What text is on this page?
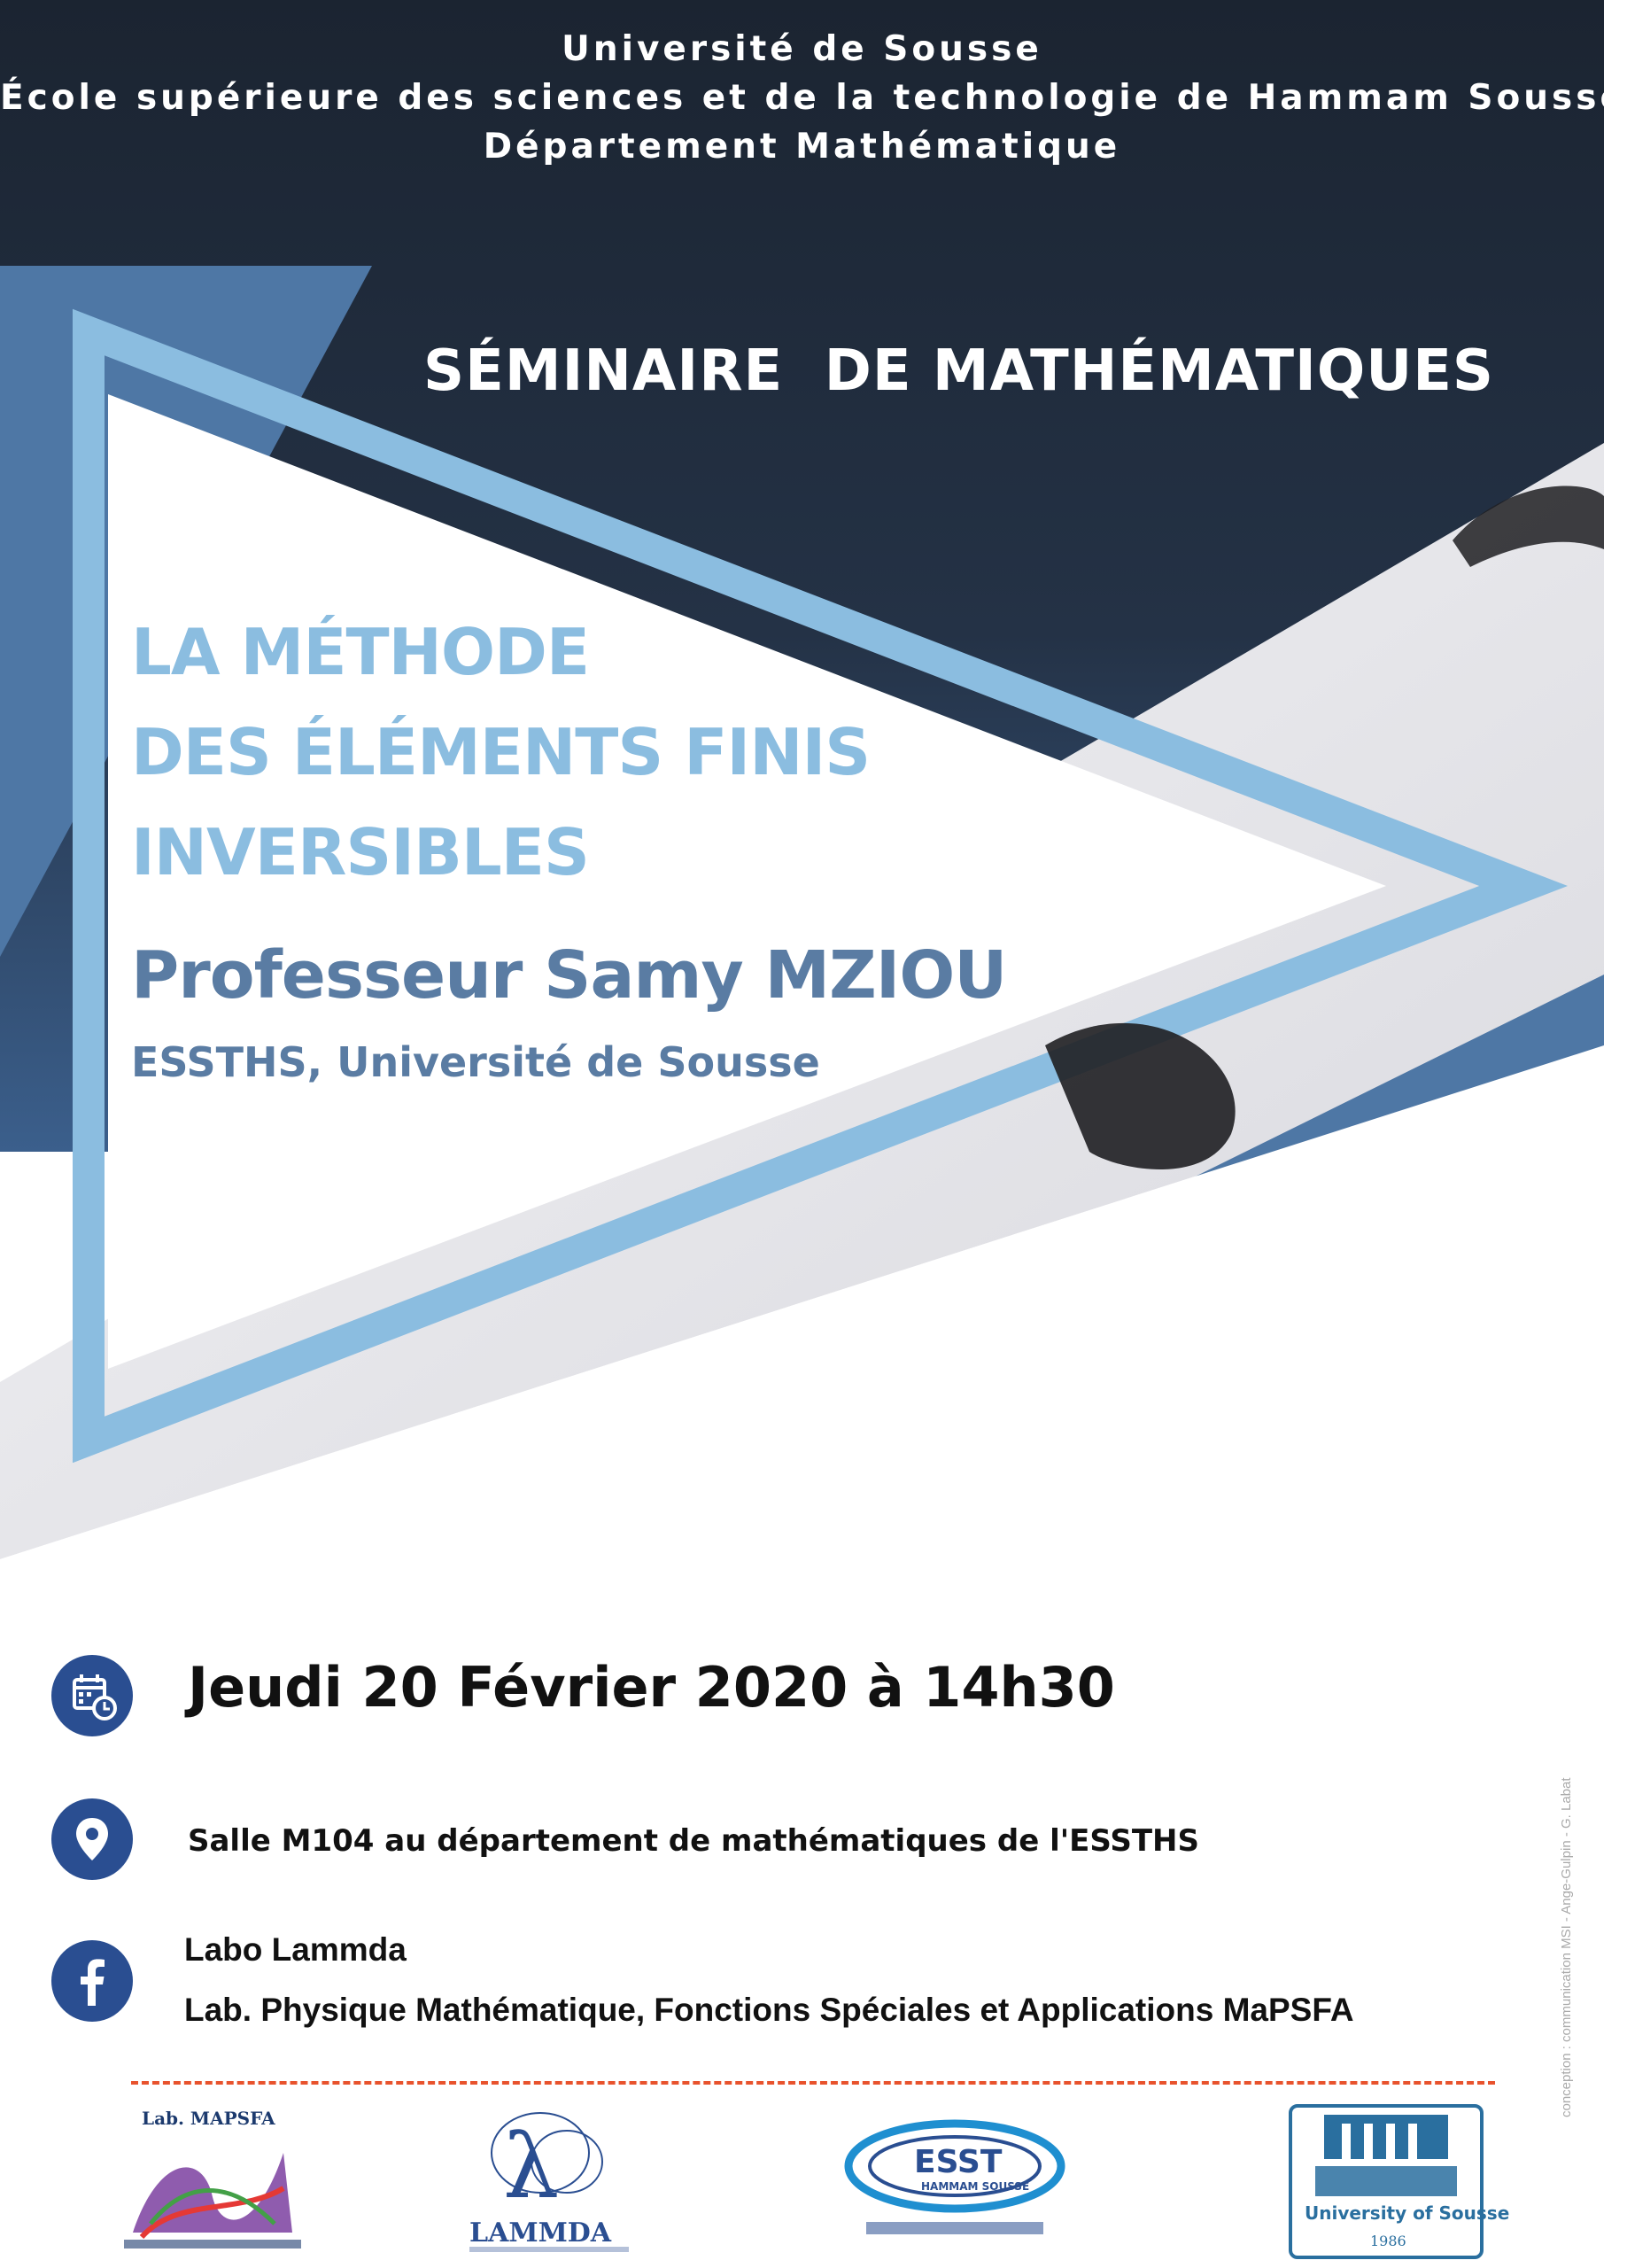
Université de Sousse
École supérieure des sciences et de la technologie de Hammam Sousse
Département Mathématique
SÉMINAIRE  DE MATHÉMATIQUES
LA MÉTHODE
DES ÉLÉMENTS FINIS
INVERSIBLES
Professeur Samy MZIOU
ESSTHS, Université de Sousse
Jeudi 20 Février 2020 à 14h30
Salle M104 au département de mathématiques de l'ESSTHS
Labo Lammda
Lab. Physique Mathématique, Fonctions Spéciales et Applications MaPSFA
Lab. MAPSFA	λ
LAMMDA
ESST
HAMMAM SOUSSE
University of Sousse
1986
conception : communication MSI - Ange-Gulpin - G. Labat
